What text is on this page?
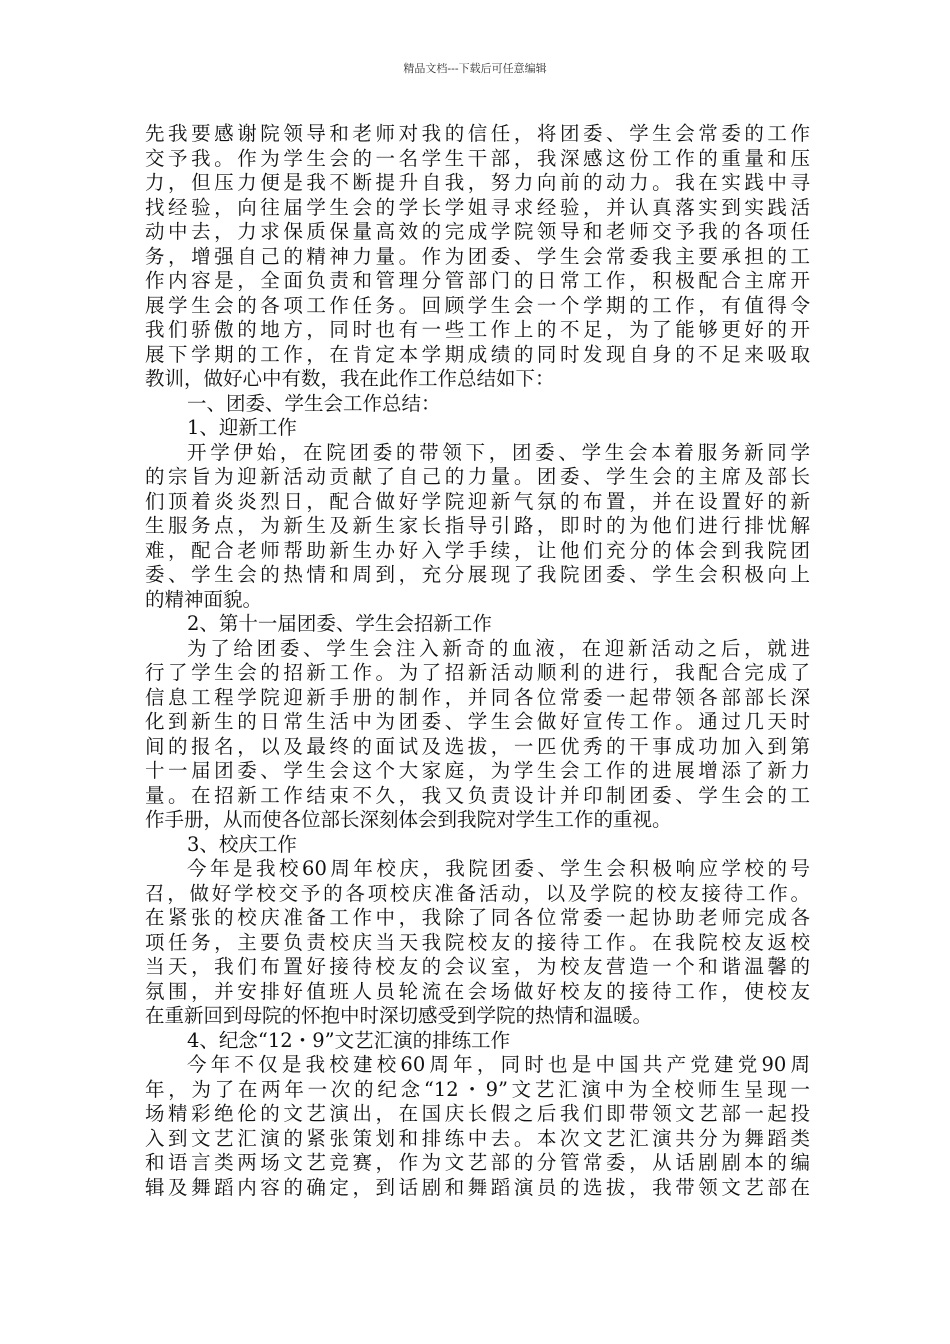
精品文档---下载后可任意编辑
先我要感谢院领导和老师对我的信任，将团委、学生会常委的工作
交予我。作为学生会的一名学生干部，我深感这份工作的重量和压
力，但压力便是我不断提升自我，努力向前的动力。我在实践中寻
找经验，向往届学生会的学长学姐寻求经验，并认真落实到实践活
动中去，力求保质保量高效的完成学院领导和老师交予我的各项任
务，增强自己的精神力量。作为团委、学生会常委我主要承担的工
作内容是，全面负责和管理分管部门的日常工作，积极配合主席开
展学生会的各项工作任务。回顾学生会一个学期的工作，有值得令
我们骄傲的地方，同时也有一些工作上的不足，为了能够更好的开
展下学期的工作，在肯定本学期成绩的同时发现自身的不足来吸取
教训，做好心中有数，我在此作工作总结如下：
一、团委、学生会工作总结：
1、迎新工作
开学伊始，在院团委的带领下，团委、学生会本着服务新同学
的宗旨为迎新活动贡献了自己的力量。团委、学生会的主席及部长
们顶着炎炎烈日，配合做好学院迎新气氛的布置，并在设置好的新
生服务点，为新生及新生家长指导引路，即时的为他们进行排忧解
难，配合老师帮助新生办好入学手续，让他们充分的体会到我院团
委、学生会的热情和周到，充分展现了我院团委、学生会积极向上
的精神面貌。
2、第十一届团委、学生会招新工作
为了给团委、学生会注入新奇的血液，在迎新活动之后，就进
行了学生会的招新工作。为了招新活动顺利的进行，我配合完成了
信息工程学院迎新手册的制作，并同各位常委一起带领各部部长深
化到新生的日常生活中为团委、学生会做好宣传工作。通过几天时
间的报名，以及最终的面试及选拔，一匹优秀的干事成功加入到第
十一届团委、学生会这个大家庭，为学生会工作的进展增添了新力
量。在招新工作结束不久，我又负责设计并印制团委、学生会的工
作手册，从而使各位部长深刻体会到我院对学生工作的重视。
3、校庆工作
今年是我校60周年校庆，我院团委、学生会积极响应学校的号
召，做好学校交予的各项校庆准备活动，以及学院的校友接待工作。
在紧张的校庆准备工作中，我除了同各位常委一起协助老师完成各
项任务，主要负责校庆当天我院校友的接待工作。在我院校友返校
当天，我们布置好接待校友的会议室，为校友营造一个和谐温馨的
氛围，并安排好值班人员轮流在会场做好校友的接待工作，使校友
在重新回到母院的怀抱中时深切感受到学院的热情和温暖。
4、纪念“12・9”文艺汇演的排练工作
今年不仅是我校建校60周年，同时也是中国共产党建党90周
年，为了在两年一次的纪念“12・9”文艺汇演中为全校师生呈现一
场精彩绝伦的文艺演出，在国庆长假之后我们即带领文艺部一起投
入到文艺汇演的紧张策划和排练中去。本次文艺汇演共分为舞蹈类
和语言类两场文艺竞赛，作为文艺部的分管常委，从话剧剧本的编
辑及舞蹈内容的确定，到话剧和舞蹈演员的选拔，我带领文艺部在
